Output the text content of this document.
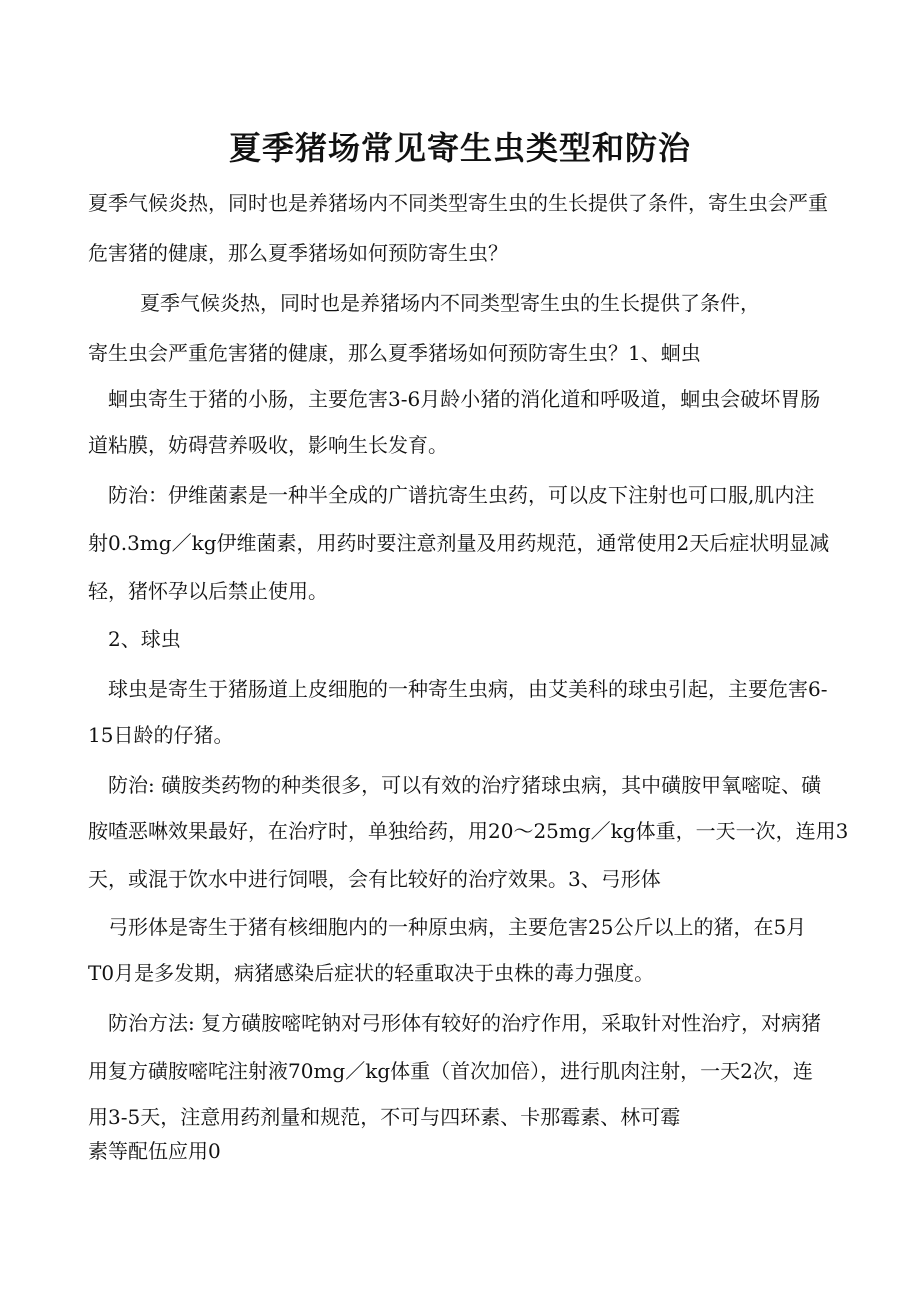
夏季猪场常见寄生虫类型和防治
夏季气候炎热，同时也是养猪场内不同类型寄生虫的生长提供了条件，寄生虫会严重
危害猪的健康，那么夏季猪场如何预防寄生虫？
夏季气候炎热，同时也是养猪场内不同类型寄生虫的生长提供了条件，
寄生虫会严重危害猪的健康，那么夏季猪场如何预防寄生虫？1、蛔虫
蛔虫寄生于猪的小肠，主要危害3-6月龄小猪的消化道和呼吸道，蛔虫会破坏胃肠
道粘膜，妨碍营养吸收，影响生长发育。
防治：伊维菌素是一种半全成的广谱抗寄生虫药，可以皮下注射也可口服,肌内注
射0.3mg／kg伊维菌素，用药时要注意剂量及用药规范，通常使用2天后症状明显减
轻，猪怀孕以后禁止使用。
2、球虫
球虫是寄生于猪肠道上皮细胞的一种寄生虫病，由艾美科的球虫引起，主要危害6-
15日龄的仔猪。
防治: 磺胺类药物的种类很多，可以有效的治疗猪球虫病，其中磺胺甲氧嘧啶、磺
胺喳恶啉效果最好，在治疗时，单独给药，用20～25mg／kg体重，一天一次，连用3
天，或混于饮水中进行饲喂，会有比较好的治疗效果。3、弓形体
弓形体是寄生于猪有核细胞内的一种原虫病，主要危害25公斤以上的猪，在5月
T0月是多发期，病猪感染后症状的轻重取决于虫株的毒力强度。
防治方法: 复方磺胺嘧咤钠对弓形体有较好的治疗作用，采取针对性治疗，对病猪
用复方磺胺嘧咤注射液70mg／kg体重（首次加倍），进行肌肉注射，一天2次，连
用3-5天，注意用药剂量和规范，不可与四环素、卡那霉素、林可霉
素等配伍应用0
